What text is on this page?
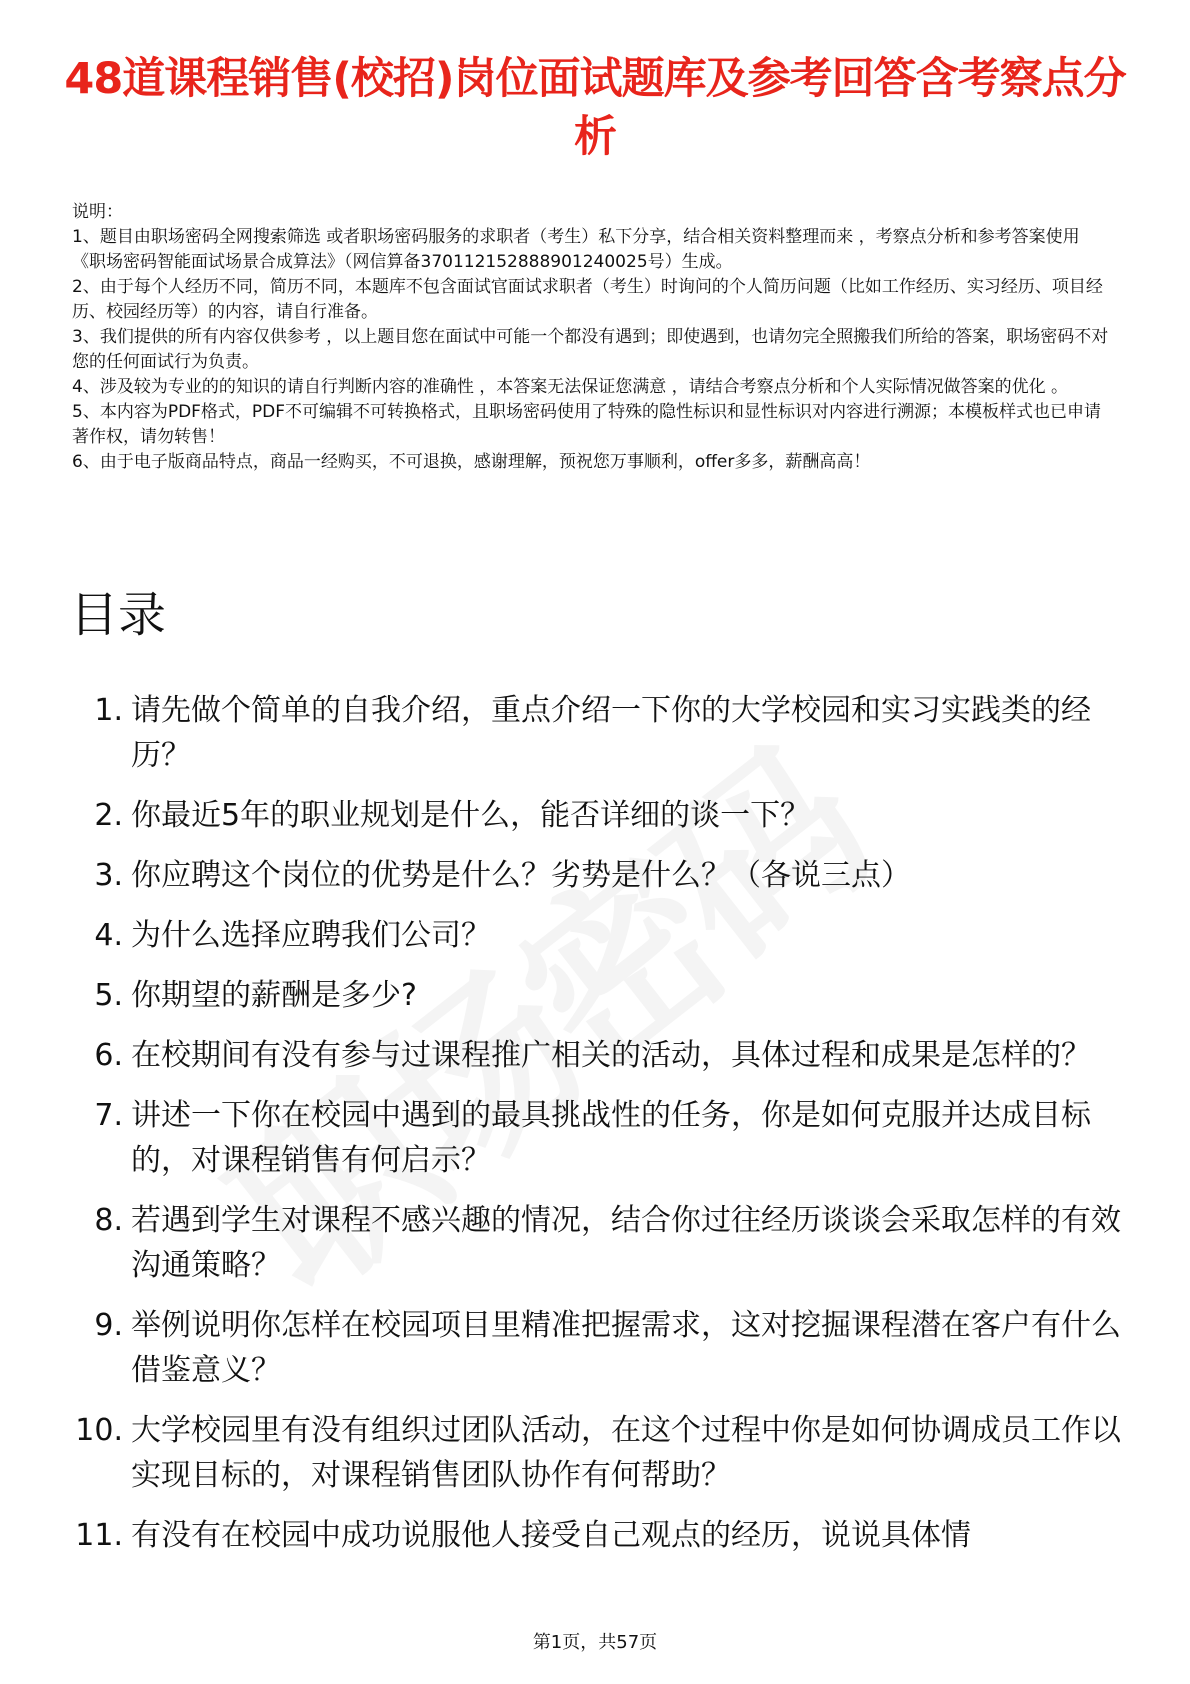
48道课程销售(校招)岗位面试题库及参考回答含考察点分析

说明：

1、题目由职场密码全网搜索筛选 或者职场密码服务的求职者（考生）私下分享，结合相关资料整理而来 ，考察点分析和参考答案使用《职场密码智能面试场景合成算法》（网信算备370112152888901240025号）生成。

2、由于每个人经历不同，简历不同，本题库不包含面试官面试求职者（考生）时询问的个人简历问题（比如工作经历、实习经历、项目经历、校园经历等）的内容，请自行准备。

3、我们提供的所有内容仅供参考 ，以上题目您在面试中可能一个都没有遇到；即使遇到，也请勿完全照搬我们所给的答案，职场密码不对您的任何面试行为负责。

4、涉及较为专业的的知识的请自行判断内容的准确性 ，本答案无法保证您满意 ，请结合考察点分析和个人实际情况做答案的优化 。

5、本内容为PDF格式，PDF不可编辑不可转换格式，且职场密码使用了特殊的隐性标识和显性标识对内容进行溯源；本模板样式也已申请著作权，请勿转售！

6、由于电子版商品特点，商品一经购买，不可退换，感谢理解，预祝您万事顺利，offer多多，薪酬高高！

目录
1. 请先做个简单的自我介绍，重点介绍一下你的大学校园和实习实践类的经历？
2. 你最近5年的职业规划是什么，能否详细的谈一下？
3. 你应聘这个岗位的优势是什么？劣势是什么？（各说三点）
4. 为什么选择应聘我们公司？
5. 你期望的薪酬是多少?
6. 在校期间有没有参与过课程推广相关的活动，具体过程和成果是怎样的？
7. 讲述一下你在校园中遇到的最具挑战性的任务，你是如何克服并达成目标的，对课程销售有何启示？
8. 若遇到学生对课程不感兴趣的情况，结合你过往经历谈谈会采取怎样的有效沟通策略？
9. 举例说明你怎样在校园项目里精准把握需求，这对挖掘课程潜在客户有什么借鉴意义？
10. 大学校园里有没有组织过团队活动，在这个过程中你是如何协调成员工作以实现目标的，对课程销售团队协作有何帮助？
11. 有没有在校园中成功说服他人接受自己观点的经历，说说具体情
第1页，共57页
